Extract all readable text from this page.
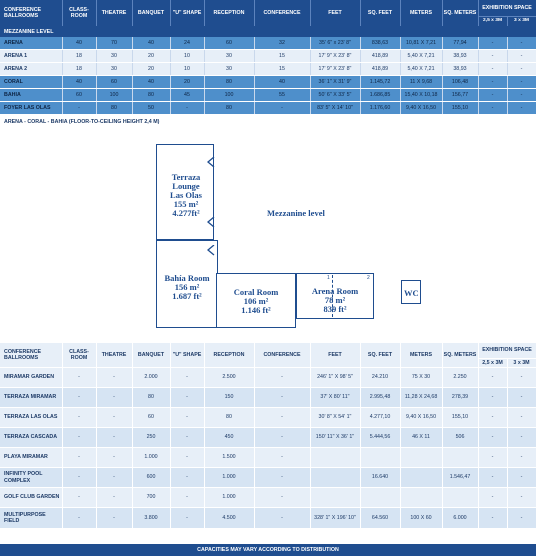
CONFERENCE BALLROOMS	CLASS-ROOM	THEATRE	BANQUET	"U" SHAPE	RECEPTION	CONFERENCE	FEET	SQ. FEET	METERS	SQ. METERS	EXHIBITION SPACE	
											2,5 x 3M	3 x 3M
MEZZANINE LEVEL												
ARENA	40	70	40	24	60	32	35' 6" x 23' 8"	838,63	10,81 X 7,21	77,94	-	-
ARENA 1	18	30	20	10	30	15	17' 9" X 23' 8"	418,89	5,40 X 7,21	38,93	-	-
ARENA 2	18	30	20	10	30	15	17' 9" X 23' 8"	418,89	5,40 X 7,21	38,93	-	-
CORAL	40	60	40	20	80	40	36' 1" X 31' 9"	1.145,72	11 X 9,68	106,48	-	-
BAHIA	60	100	80	45	100	55	50' 6" X 33' 5"	1.686,85	15,40 X 10,18	156,77	-	-
FOYER LAS OLAS	-	80	50	-	80	-	83' 5" X 14' 10"	1.176,60	9,40 X 16,50	155,10	-	-
ARENA - CORAL - BAHIA (FLOOR-TO-CEILING HEIGHT 2,4 M)												
Terraza
Lounge
Las Olas
155 m²
4.277ft²
Bahía Room
156 m²
1.687 ft²	Coral Room
106 m²
1.146 ft²
1	2
Arena Room
78 m²
839 ft²
WC
Mezzanine level
CONFERENCE BALLROOMS	CLASS-ROOM	THEATRE	BANQUET	"U" SHAPE	RECEPTION	CONFERENCE	FEET	SQ. FEET	METERS	SQ. METERS	EXHIBITION SPACE	
											2,5 x 3M	3 x 3M
MIRAMAR GARDEN	-	-	2.000	-	2.500	-	246' 1" X 98' 5"	24.210	75 X 30	2.250	-	-
TERRAZA MIRAMAR	-	-	80	-	150	-	37' X 80' 11"	2.995,48	11,28 X 24,68	278,39	-	-
TERRAZA LAS OLAS	-	-	60	-	80	-	30' 8" X 54' 1"	4.277,10	9,40 X 16,50	155,10	-	-
TERRAZA CASCADA	-	-	250	-	450	-	150' 11" X 36' 1"	5.444,56	46 X 11	506	-	-
PLAYA MIRAMAR	-	-	1.000	-	1.500	-					-	-
INFINITY POOL COMPLEX	-	-	600	-	1.000	-		16.640		1.546,47	-	-
GOLF CLUB GARDEN	-	-	700	-	1.000	-					-	-
MULTIPURPOSE FIELD	-	-	3.800	-	4.500	-	328' 1" X 196' 10"	64.560	100 X 60	6.000	-	-
CAPACITIES MAY VARY ACCORDING TO DISTRIBUTION
